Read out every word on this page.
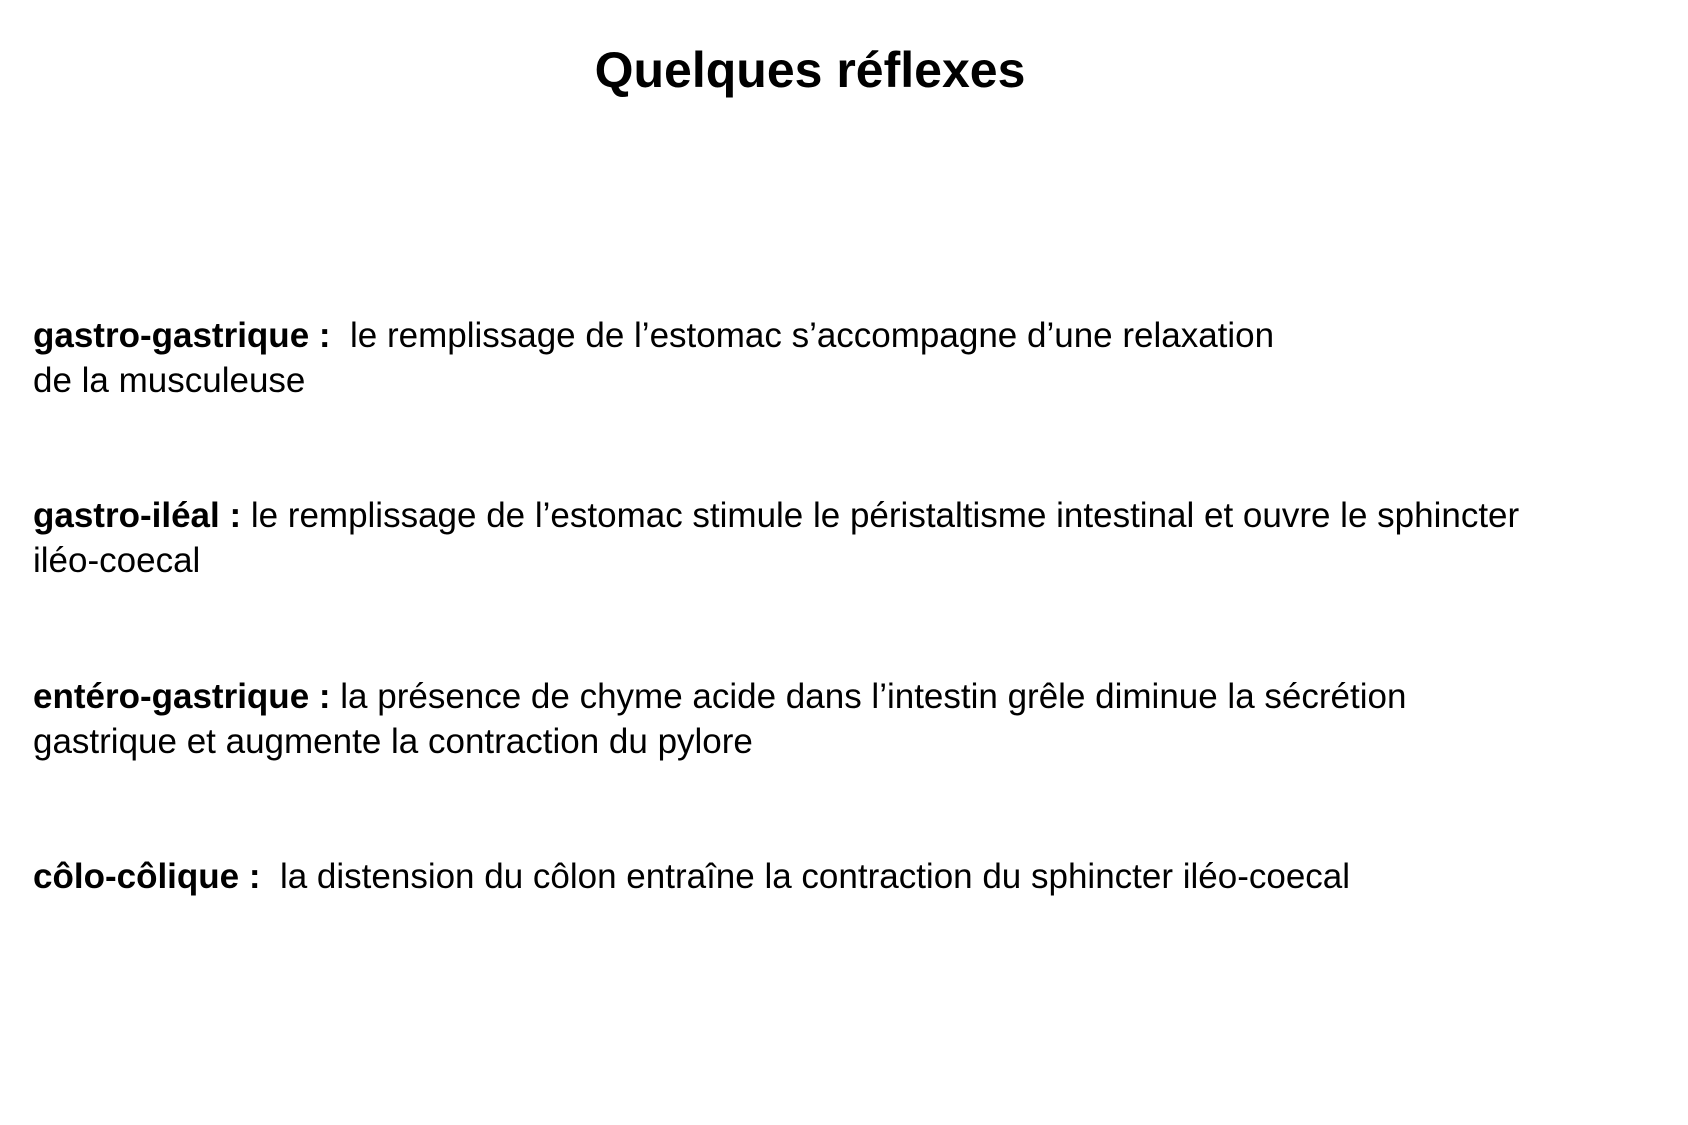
Quelques réflexes

gastro-gastrique :  le remplissage de l’estomac s’accompagne d’une relaxation
de la musculeuse

gastro-iléal : le remplissage de l’estomac stimule le péristaltisme intestinal et ouvre le sphincter
iléo-coecal

entéro-gastrique : la présence de chyme acide dans l’intestin grêle diminue la sécrétion
gastrique et augmente la contraction du pylore

côlo-côlique :  la distension du côlon entraîne la contraction du sphincter iléo-coecal
